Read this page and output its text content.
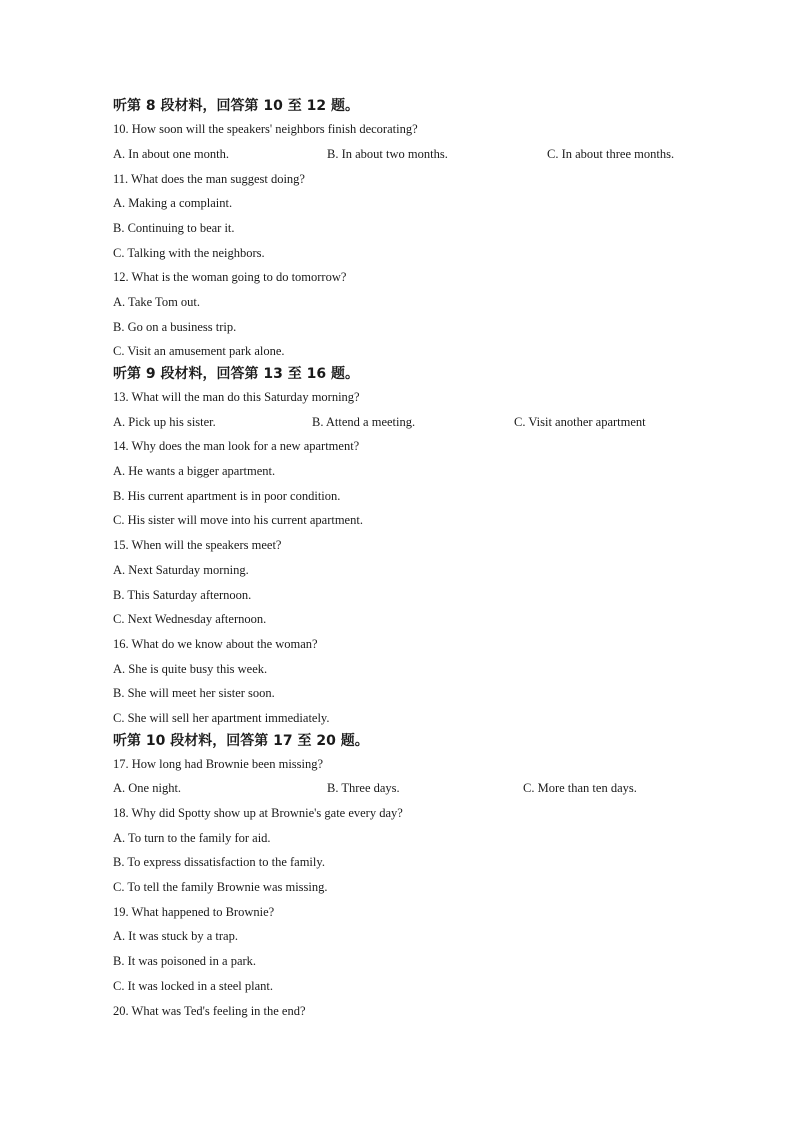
听第 8 段材料，回答第 10 至 12 题。
10. How soon will the speakers' neighbors finish decorating?
A. In about one month.	B. In about two months.	C. In about three months.
11. What does the man suggest doing?
A. Making a complaint.
B. Continuing to bear it.
C. Talking with the neighbors.
12. What is the woman going to do tomorrow?
A. Take Tom out.
B. Go on a business trip.
C. Visit an amusement park alone.
听第 9 段材料，回答第 13 至 16 题。
13. What will the man do this Saturday morning?
A. Pick up his sister.	B. Attend a meeting.	C. Visit another apartment
14. Why does the man look for a new apartment?
A. He wants a bigger apartment.
B. His current apartment is in poor condition.
C. His sister will move into his current apartment.
15. When will the speakers meet?
A. Next Saturday morning.
B. This Saturday afternoon.
C. Next Wednesday afternoon.
16. What do we know about the woman?
A. She is quite busy this week.
B. She will meet her sister soon.
C. She will sell her apartment immediately.
听第 10 段材料，回答第 17 至 20 题。
17. How long had Brownie been missing?
A. One night.	B. Three days.	C. More than ten days.
18. Why did Spotty show up at Brownie's gate every day?
A. To turn to the family for aid.
B. To express dissatisfaction to the family.
C. To tell the family Brownie was missing.
19. What happened to Brownie?
A. It was stuck by a trap.
B. It was poisoned in a park.
C. It was locked in a steel plant.
20. What was Ted's feeling in the end?
